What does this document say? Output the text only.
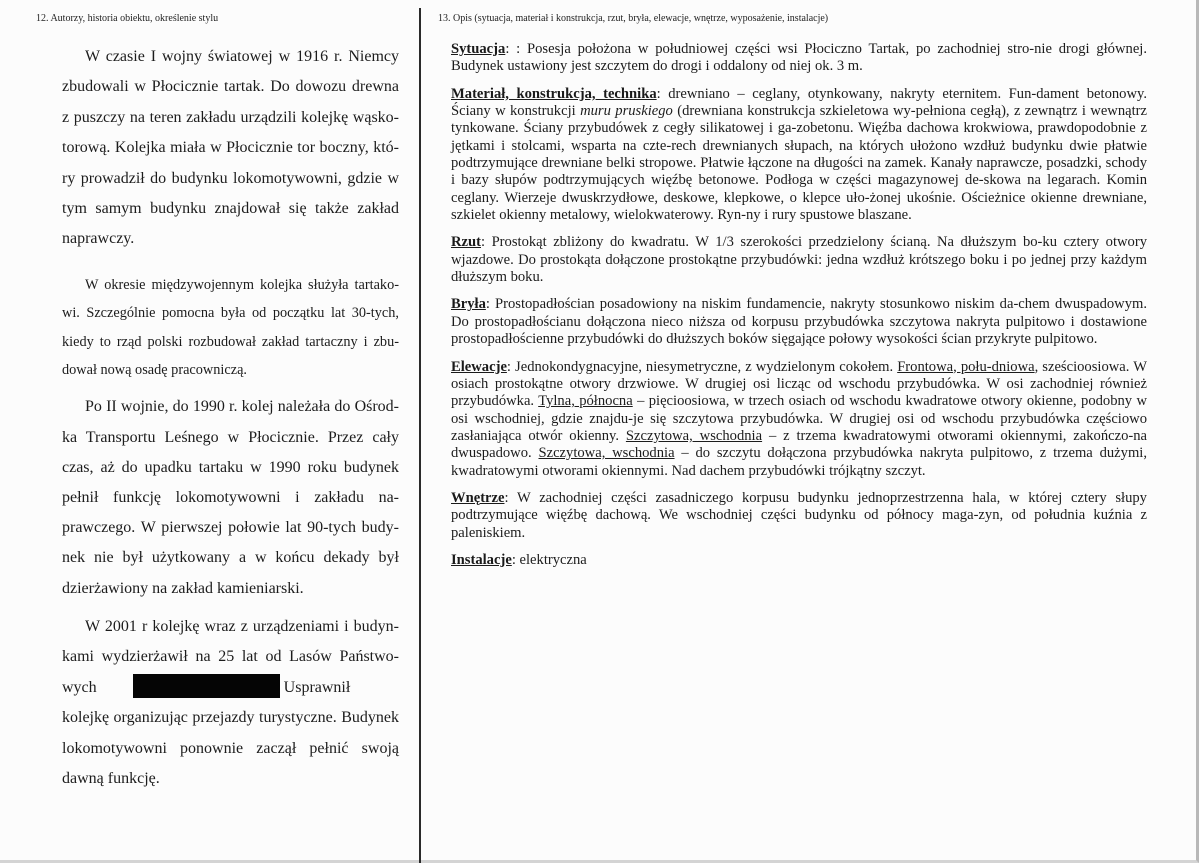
12. Autorzy, historia obiektu, określenie stylu	13. Opis (sytuacja, materiał i konstrukcja, rzut, bryła, elewacje, wnętrze, wyposażenie, instalacje)

W czasie I wojny światowej w 1916 r. Niemcy zbudowali w Płocicznie tartak. Do dowozu drewna z puszczy na teren zakładu urządzili kolejkę wąsko-torową. Kolejka miała w Płocicznie tor boczny, któ-ry prowadził do budynku lokomotywowni, gdzie w tym samym budynku znajdował się także zakład naprawczy.

W okresie międzywojennym kolejka służyła tartako-wi. Szczególnie pomocna była od początku lat 30-tych, kiedy to rząd polski rozbudował zakład tartaczny i zbu-dował nową osadę pracowniczą.

Po II wojnie, do 1990 r. kolej należała do Ośrod-ka Transportu Leśnego w Płocicznie. Przez cały czas, aż do upadku tartaku w 1990 roku budynek pełnił funkcję lokomotywowni i zakładu na-prawczego. W pierwszej połowie lat 90-tych budy-nek nie był użytkowany a w końcu dekady był dzierżawiony na zakład kamieniarski.

W 2001 r kolejkę wraz z urządzeniami i budyn-kami wydzierżawił na 25 lat od Lasów Państwo-wych	Usprawnił kolejkę organizując przejazdy turystyczne. Budynek lokomotywowni ponownie zaczął pełnić swoją dawną funkcję.

Sytuacja: : Posesja położona w południowej części wsi Płociczno Tartak, po zachodniej stro-nie drogi głównej. Budynek ustawiony jest szczytem do drogi i oddalony od niej ok. 3 m.

Materiał, konstrukcja, technika: drewniano – ceglany, otynkowany, nakryty eternitem. Fun-dament betonowy. Ściany w konstrukcji muru pruskiego (drewniana konstrukcja szkieletowa wy-pełniona cegłą), z zewnątrz i wewnątrz tynkowane. Ściany przybudówek z cegły silikatowej i ga-zobetonu. Więźba dachowa krokwiowa, prawdopodobnie z jętkami i stolcami, wsparta na czte-rech drewnianych słupach, na których ułożono wzdłuż budynku dwie płatwie podtrzymujące drewniane belki stropowe. Płatwie łączone na długości na zamek. Kanały naprawcze, posadzki, schody i bazy słupów podtrzymujących więźbę betonowe. Podłoga w części magazynowej de-skowa na legarach. Komin ceglany. Wierzeje dwuskrzydłowe, deskowe, klepkowe, o klepce uło-żonej ukośnie. Ościeżnice okienne drewniane, szkielet okienny metalowy, wielokwaterowy. Ryn-ny i rury spustowe blaszane.

Rzut: Prostokąt zbliżony do kwadratu. W 1/3 szerokości przedzielony ścianą. Na dłuższym bo-ku cztery otwory wjazdowe. Do prostokąta dołączone prostokątne przybudówki: jedna wzdłuż krótszego boku i po jednej przy każdym dłuższym boku.

Bryła: Prostopadłościan posadowiony na niskim fundamencie, nakryty stosunkowo niskim da-chem dwuspadowym. Do prostopadłościanu dołączona nieco niższa od korpusu przybudówka szczytowa nakryta pulpitowo i dostawione prostopadłościenne przybudówki do dłuższych boków sięgające połowy wysokości ścian przykryte pulpitowo.

Elewacje: Jednokondygnacyjne, niesymetryczne, z wydzielonym cokołem. Frontowa, połu-dniowa, sześcioosiowa. W osiach prostokątne otwory drzwiowe. W drugiej osi licząc od wschodu przybudówka. W osi zachodniej również przybudówka. Tylna, północna – pięcioosiowa, w trzech osiach od wschodu kwadratowe otwory okienne, podobny w osi wschodniej, gdzie znajdu-je się szczytowa przybudówka. W drugiej osi od wschodu przybudówka częściowo zasłaniająca otwór okienny. Szczytowa, wschodnia – z trzema kwadratowymi otworami okiennymi, zakończo-na dwuspadowo. Szczytowa, wschodnia – do szczytu dołączona przybudówka nakryta pulpitowo, z trzema dużymi, kwadratowymi otworami okiennymi. Nad dachem przybudówki trójkątny szczyt.

Wnętrze: W zachodniej części zasadniczego korpusu budynku jednoprzestrzenna hala, w której cztery słupy podtrzymujące więźbę dachową. We wschodniej części budynku od północy maga-zyn, od południa kuźnia z paleniskiem.

Instalacje: elektryczna
